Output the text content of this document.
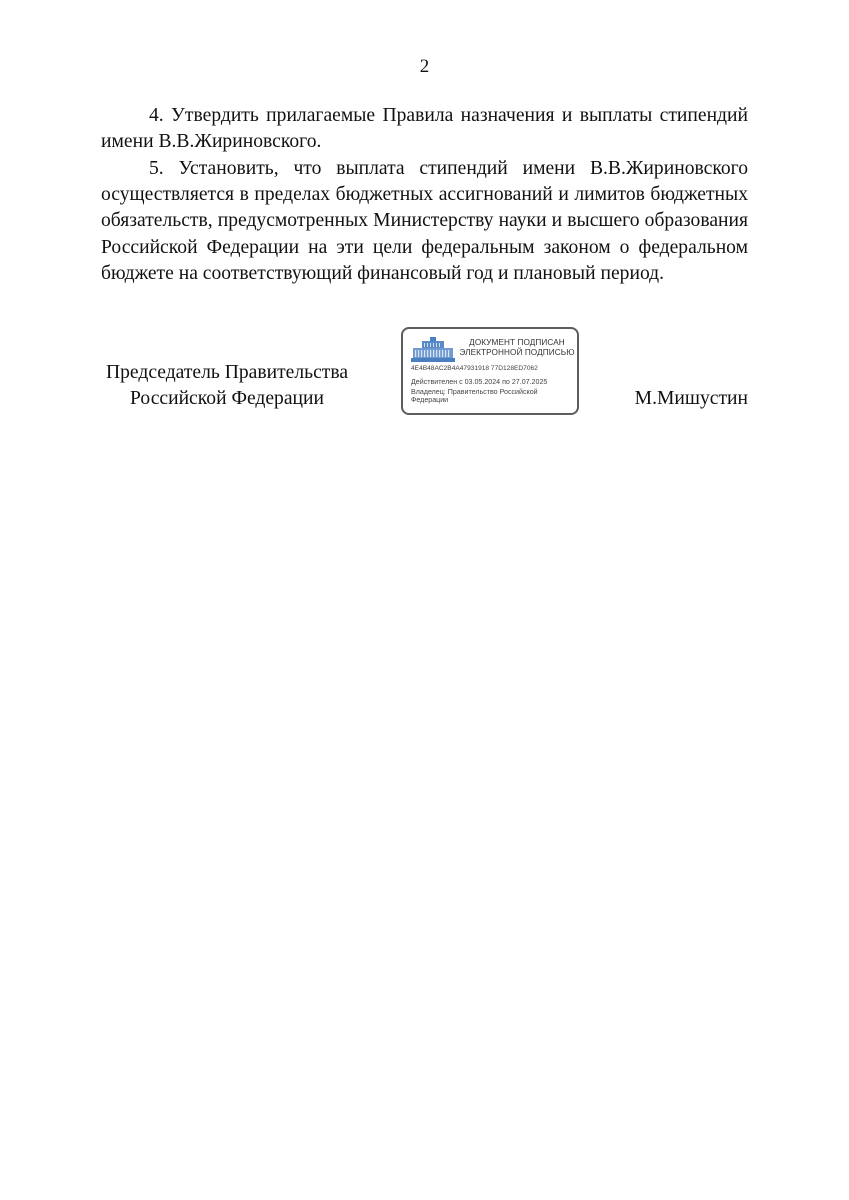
2

4. Утвердить прилагаемые Правила назначения и выплаты стипендий имени В.В.Жириновского.

5. Установить, что выплата стипендий имени В.В.Жириновского осуществляется в пределах бюджетных ассигнований и лимитов бюджетных обязательств, предусмотренных Министерству науки и высшего образования Российской Федерации на эти цели федеральным законом о федеральном бюджете на соответствующий финансовый год и плановый период.

Председатель Правительства
Российской Федерации
ДОКУМЕНТ ПОДПИСАН
ЭЛЕКТРОННОЙ ПОДПИСЬЮ
4E4B48AC2B4A47931918 77D128ED7062
Действителен с 03.05.2024 по 27.07.2025
Владелец: Правительство Российской Федерации	М.Мишустин
